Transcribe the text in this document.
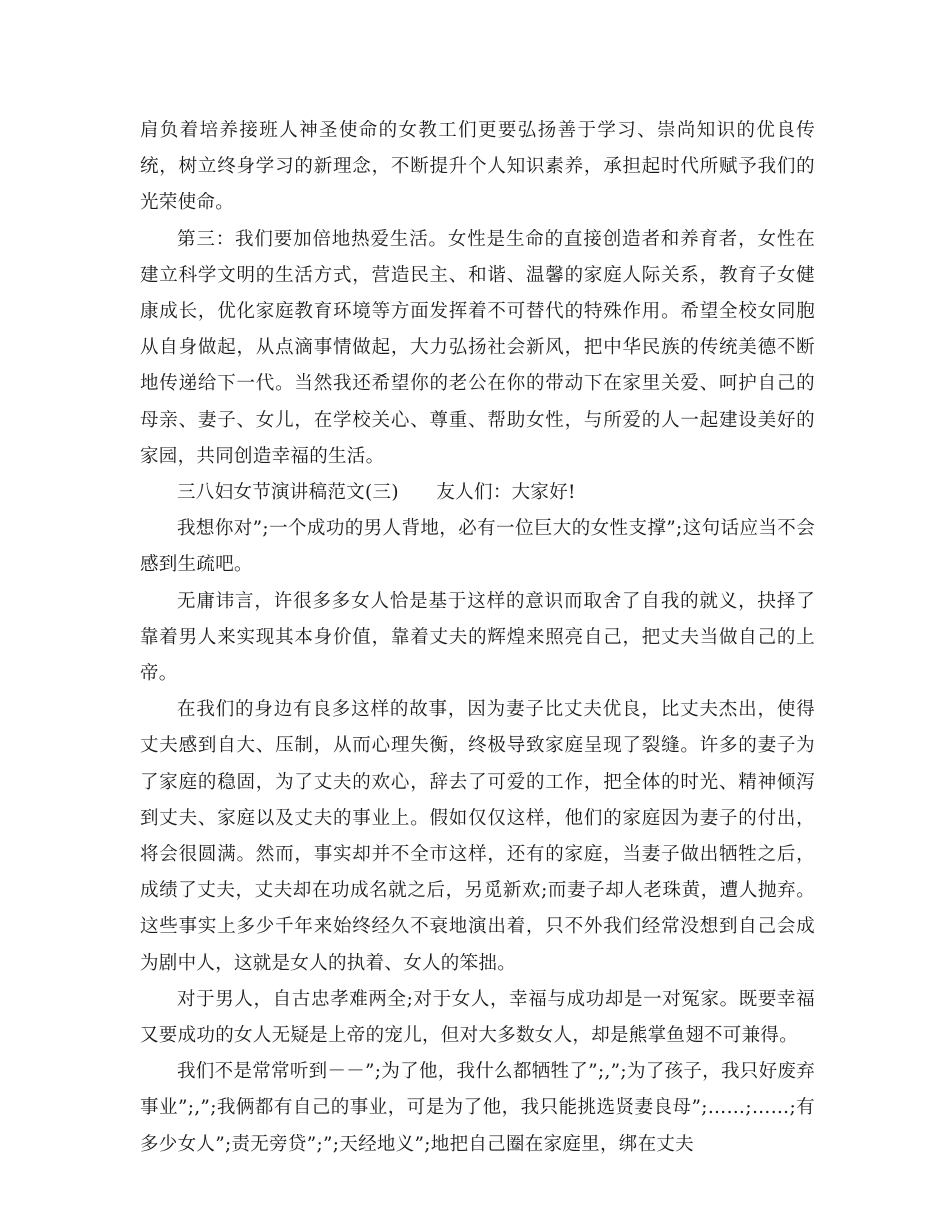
肩负着培养接班人神圣使命的女教工们更要弘扬善于学习、崇尚知识的优良传统，树立终身学习的新理念，不断提升个人知识素养，承担起时代所赋予我们的光荣使命。

第三：我们要加倍地热爱生活。女性是生命的直接创造者和养育者，女性在建立科学文明的生活方式，营造民主、和谐、温馨的家庭人际关系，教育子女健康成长，优化家庭教育环境等方面发挥着不可替代的特殊作用。希望全校女同胞从自身做起，从点滴事情做起，大力弘扬社会新风，把中华民族的传统美德不断地传递给下一代。当然我还希望你的老公在你的带动下在家里关爱、呵护自己的母亲、妻子、女儿，在学校关心、尊重、帮助女性，与所爱的人一起建设美好的家园，共同创造幸福的生活。

三八妇女节演讲稿范文(三)　　友人们：大家好!

我想你对”;一个成功的男人背地，必有一位巨大的女性支撑”;这句话应当不会感到生疏吧。

无庸讳言，许很多多女人恰是基于这样的意识而取舍了自我的就义，抉择了靠着男人来实现其本身价值，靠着丈夫的辉煌来照亮自己，把丈夫当做自己的上帝。

在我们的身边有良多这样的故事，因为妻子比丈夫优良，比丈夫杰出，使得丈夫感到自大、压制，从而心理失衡，终极导致家庭呈现了裂缝。许多的妻子为了家庭的稳固，为了丈夫的欢心，辞去了可爱的工作，把全体的时光、精神倾泻到丈夫、家庭以及丈夫的事业上。假如仅仅这样，他们的家庭因为妻子的付出，将会很圆满。然而，事实却并不全市这样，还有的家庭，当妻子做出牺牲之后，成绩了丈夫，丈夫却在功成名就之后，另觅新欢;而妻子却人老珠黄，遭人抛弃。这些事实上多少千年来始终经久不衰地演出着，只不外我们经常没想到自己会成为剧中人，这就是女人的执着、女人的笨拙。

对于男人，自古忠孝难两全;对于女人，幸福与成功却是一对冤家。既要幸福又要成功的女人无疑是上帝的宠儿，但对大多数女人，却是熊掌鱼翅不可兼得。

我们不是常常听到－－”;为了他，我什么都牺牲了”;,”;为了孩子，我只好废弃事业”;,”;我俩都有自己的事业，可是为了他，我只能挑选贤妻良母”;……;……;有多少女人”;责无旁贷”;”;天经地义”;地把自己圈在家庭里，绑在丈夫
